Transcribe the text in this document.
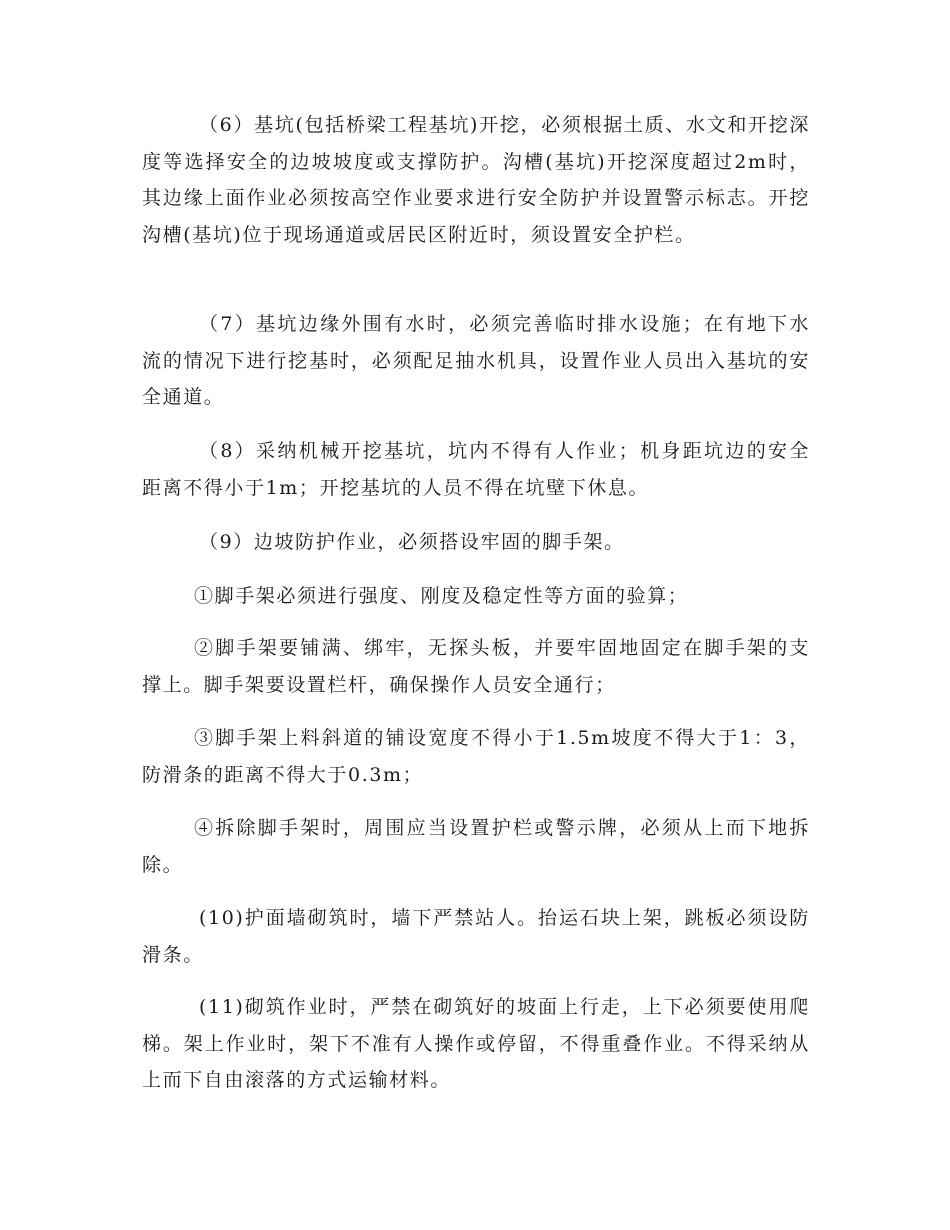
（6）基坑(包括桥梁工程基坑)开挖，必须根据土质、水文和开挖深度等选择安全的边坡坡度或支撑防护。沟槽(基坑)开挖深度超过2m时，其边缘上面作业必须按高空作业要求进行安全防护并设置警示标志。开挖沟槽(基坑)位于现场通道或居民区附近时，须设置安全护栏。

（7）基坑边缘外围有水时，必须完善临时排水设施；在有地下水流的情况下进行挖基时，必须配足抽水机具，设置作业人员出入基坑的安全通道。

（8）采纳机械开挖基坑，坑内不得有人作业；机身距坑边的安全距离不得小于1m；开挖基坑的人员不得在坑壁下休息。

（9）边坡防护作业，必须搭设牢固的脚手架。

①脚手架必须进行强度、刚度及稳定性等方面的验算；

②脚手架要铺满、绑牢，无探头板，并要牢固地固定在脚手架的支撑上。脚手架要设置栏杆，确保操作人员安全通行；

③脚手架上料斜道的铺设宽度不得小于1.5m坡度不得大于1：3，防滑条的距离不得大于0.3m；

④拆除脚手架时，周围应当设置护栏或警示牌，必须从上而下地拆除。

(10)护面墙砌筑时，墙下严禁站人。抬运石块上架，跳板必须设防滑条。

(11)砌筑作业时，严禁在砌筑好的坡面上行走，上下必须要使用爬梯。架上作业时，架下不准有人操作或停留，不得重叠作业。不得采纳从上而下自由滚落的方式运输材料。
